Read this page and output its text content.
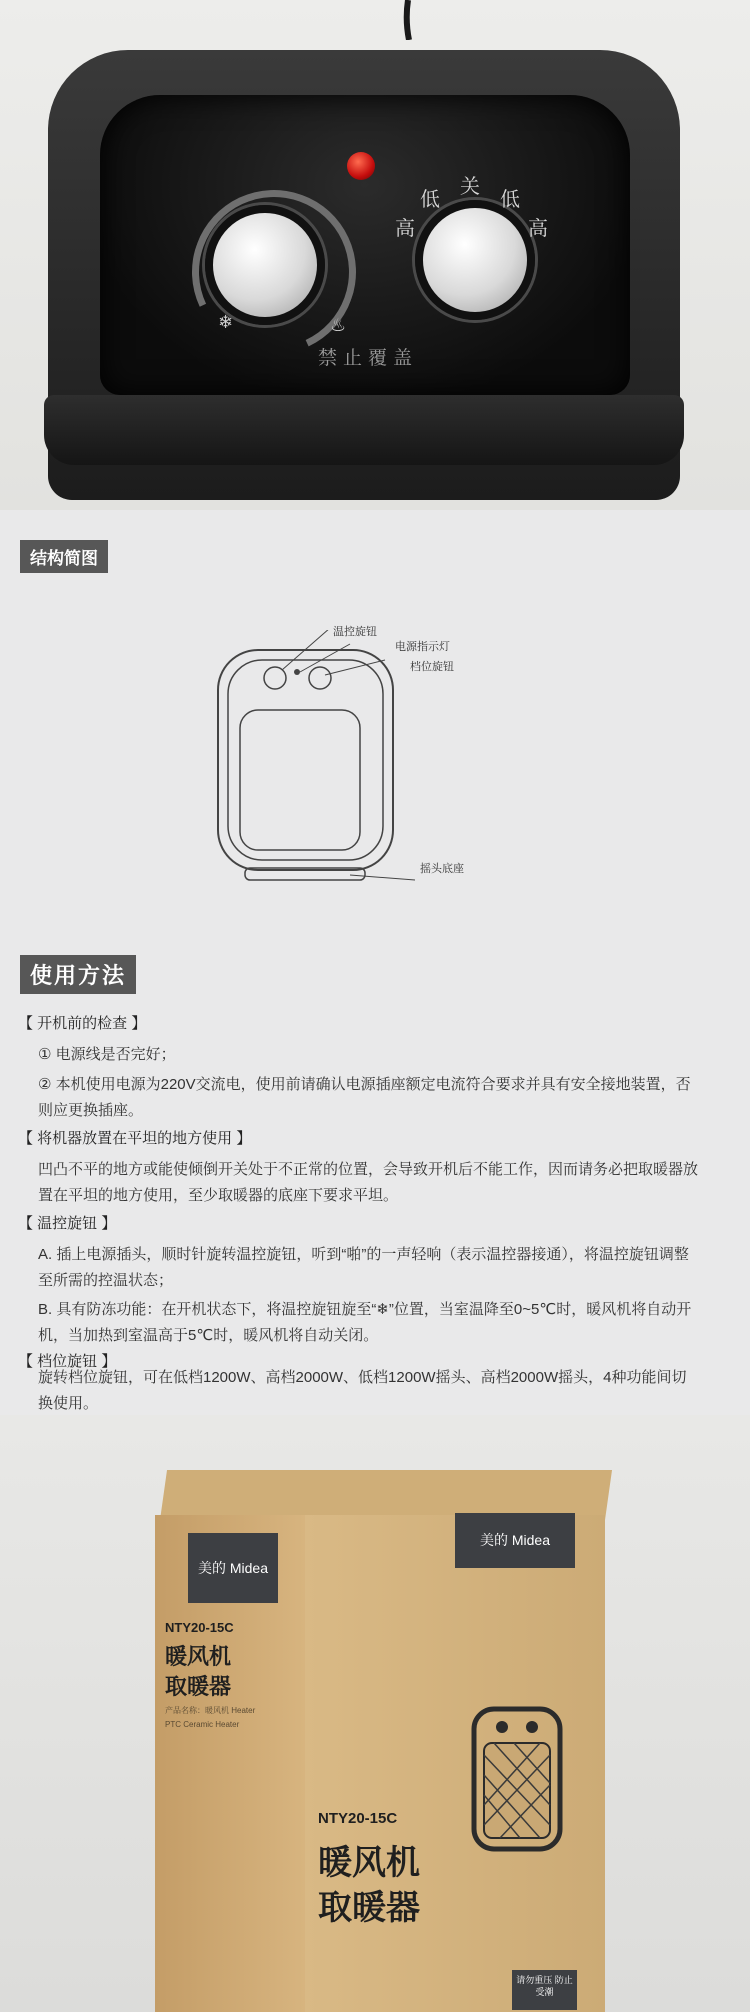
❄	♨
低
关
低
高	高
禁止覆盖
结构简图
温控旋钮
电源指示灯
档位旋钮
摇头底座
使用方法
【 开机前的检查 】
① 电源线是否完好；
② 本机使用电源为220V交流电，使用前请确认电源插座额定电流符合要求并具有安全接地装置，否则应更换插座。
【 将机器放置在平坦的地方使用 】
凹凸不平的地方或能使倾倒开关处于不正常的位置，会导致开机后不能工作，因而请务必把取暖器放置在平坦的地方使用，至少取暖器的底座下要求平坦。
【 温控旋钮 】
A. 插上电源插头，顺时针旋转温控旋钮，听到“啪”的一声轻响（表示温控器接通），将温控旋钮调整至所需的控温状态；
B. 具有防冻功能：在开机状态下，将温控旋钮旋至“❄”位置，当室温降至0~5℃时，暖风机将自动开机，当加热到室温高于5℃时，暖风机将自动关闭。
【 档位旋钮 】
旋转档位旋钮，可在低档1200W、高档2000W、低档1200W摇头、高档2000W摇头，4种功能间切换使用。
美的 Midea
美的 Midea
NTY20-15C
暖风机
取暖器
产品名称：暖风机 Heater
PTC Ceramic Heater
NTY20-15C
暖风机
取暖器
请勿重压 防止受潮
